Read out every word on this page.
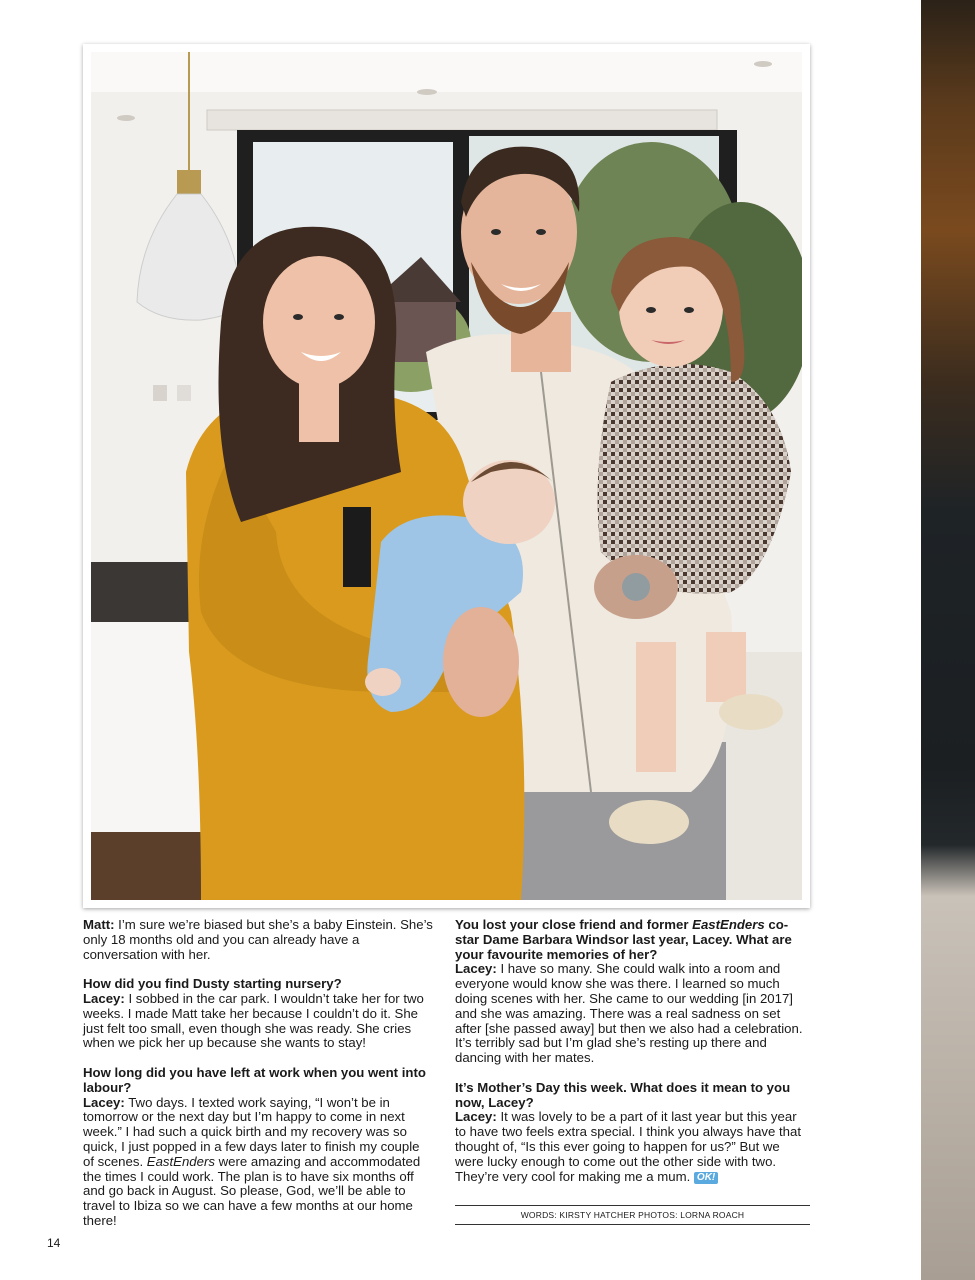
Matt: I’m sure we’re biased but she’s a baby Einstein. She’s only 18 months old and you can already have a conversation with her.

How did you find Dusty starting nursery?
Lacey: I sobbed in the car park. I wouldn’t take her for two weeks. I made Matt take her because I couldn’t do it. She just felt too small, even though she was ready. She cries when we pick her up because she wants to stay!

How long did you have left at work when you went into labour?
Lacey: Two days. I texted work saying, “I won’t be in tomorrow or the next day but I’m happy to come in next week.” I had such a quick birth and my recovery was so quick, I just popped in a few days later to finish my couple of scenes. EastEnders were amazing and accommodated the times I could work. The plan is to have six months off and go back in August. So please, God, we’ll be able to travel to Ibiza so we can have a few months at our home there!

You lost your close friend and former EastEnders co-star Dame Barbara Windsor last year, Lacey. What are your favourite memories of her?
Lacey: I have so many. She could walk into a room and everyone would know she was there. I learned so much doing scenes with her. She came to our wedding [in 2017] and she was amazing. There was a real sadness on set after [she passed away] but then we also had a celebration. It’s terribly sad but I’m glad she’s resting up there and dancing with her mates.

It’s Mother’s Day this week. What does it mean to you now, Lacey?
Lacey: It was lovely to be a part of it last year but this year to have two feels extra special. I think you always have that thought of, “Is this ever going to happen for us?” But we were lucky enough to come out the other side with two. They’re very cool for making me a mum. OK!

WORDS: KIRSTY HATCHER PHOTOS: LORNA ROACH
14
